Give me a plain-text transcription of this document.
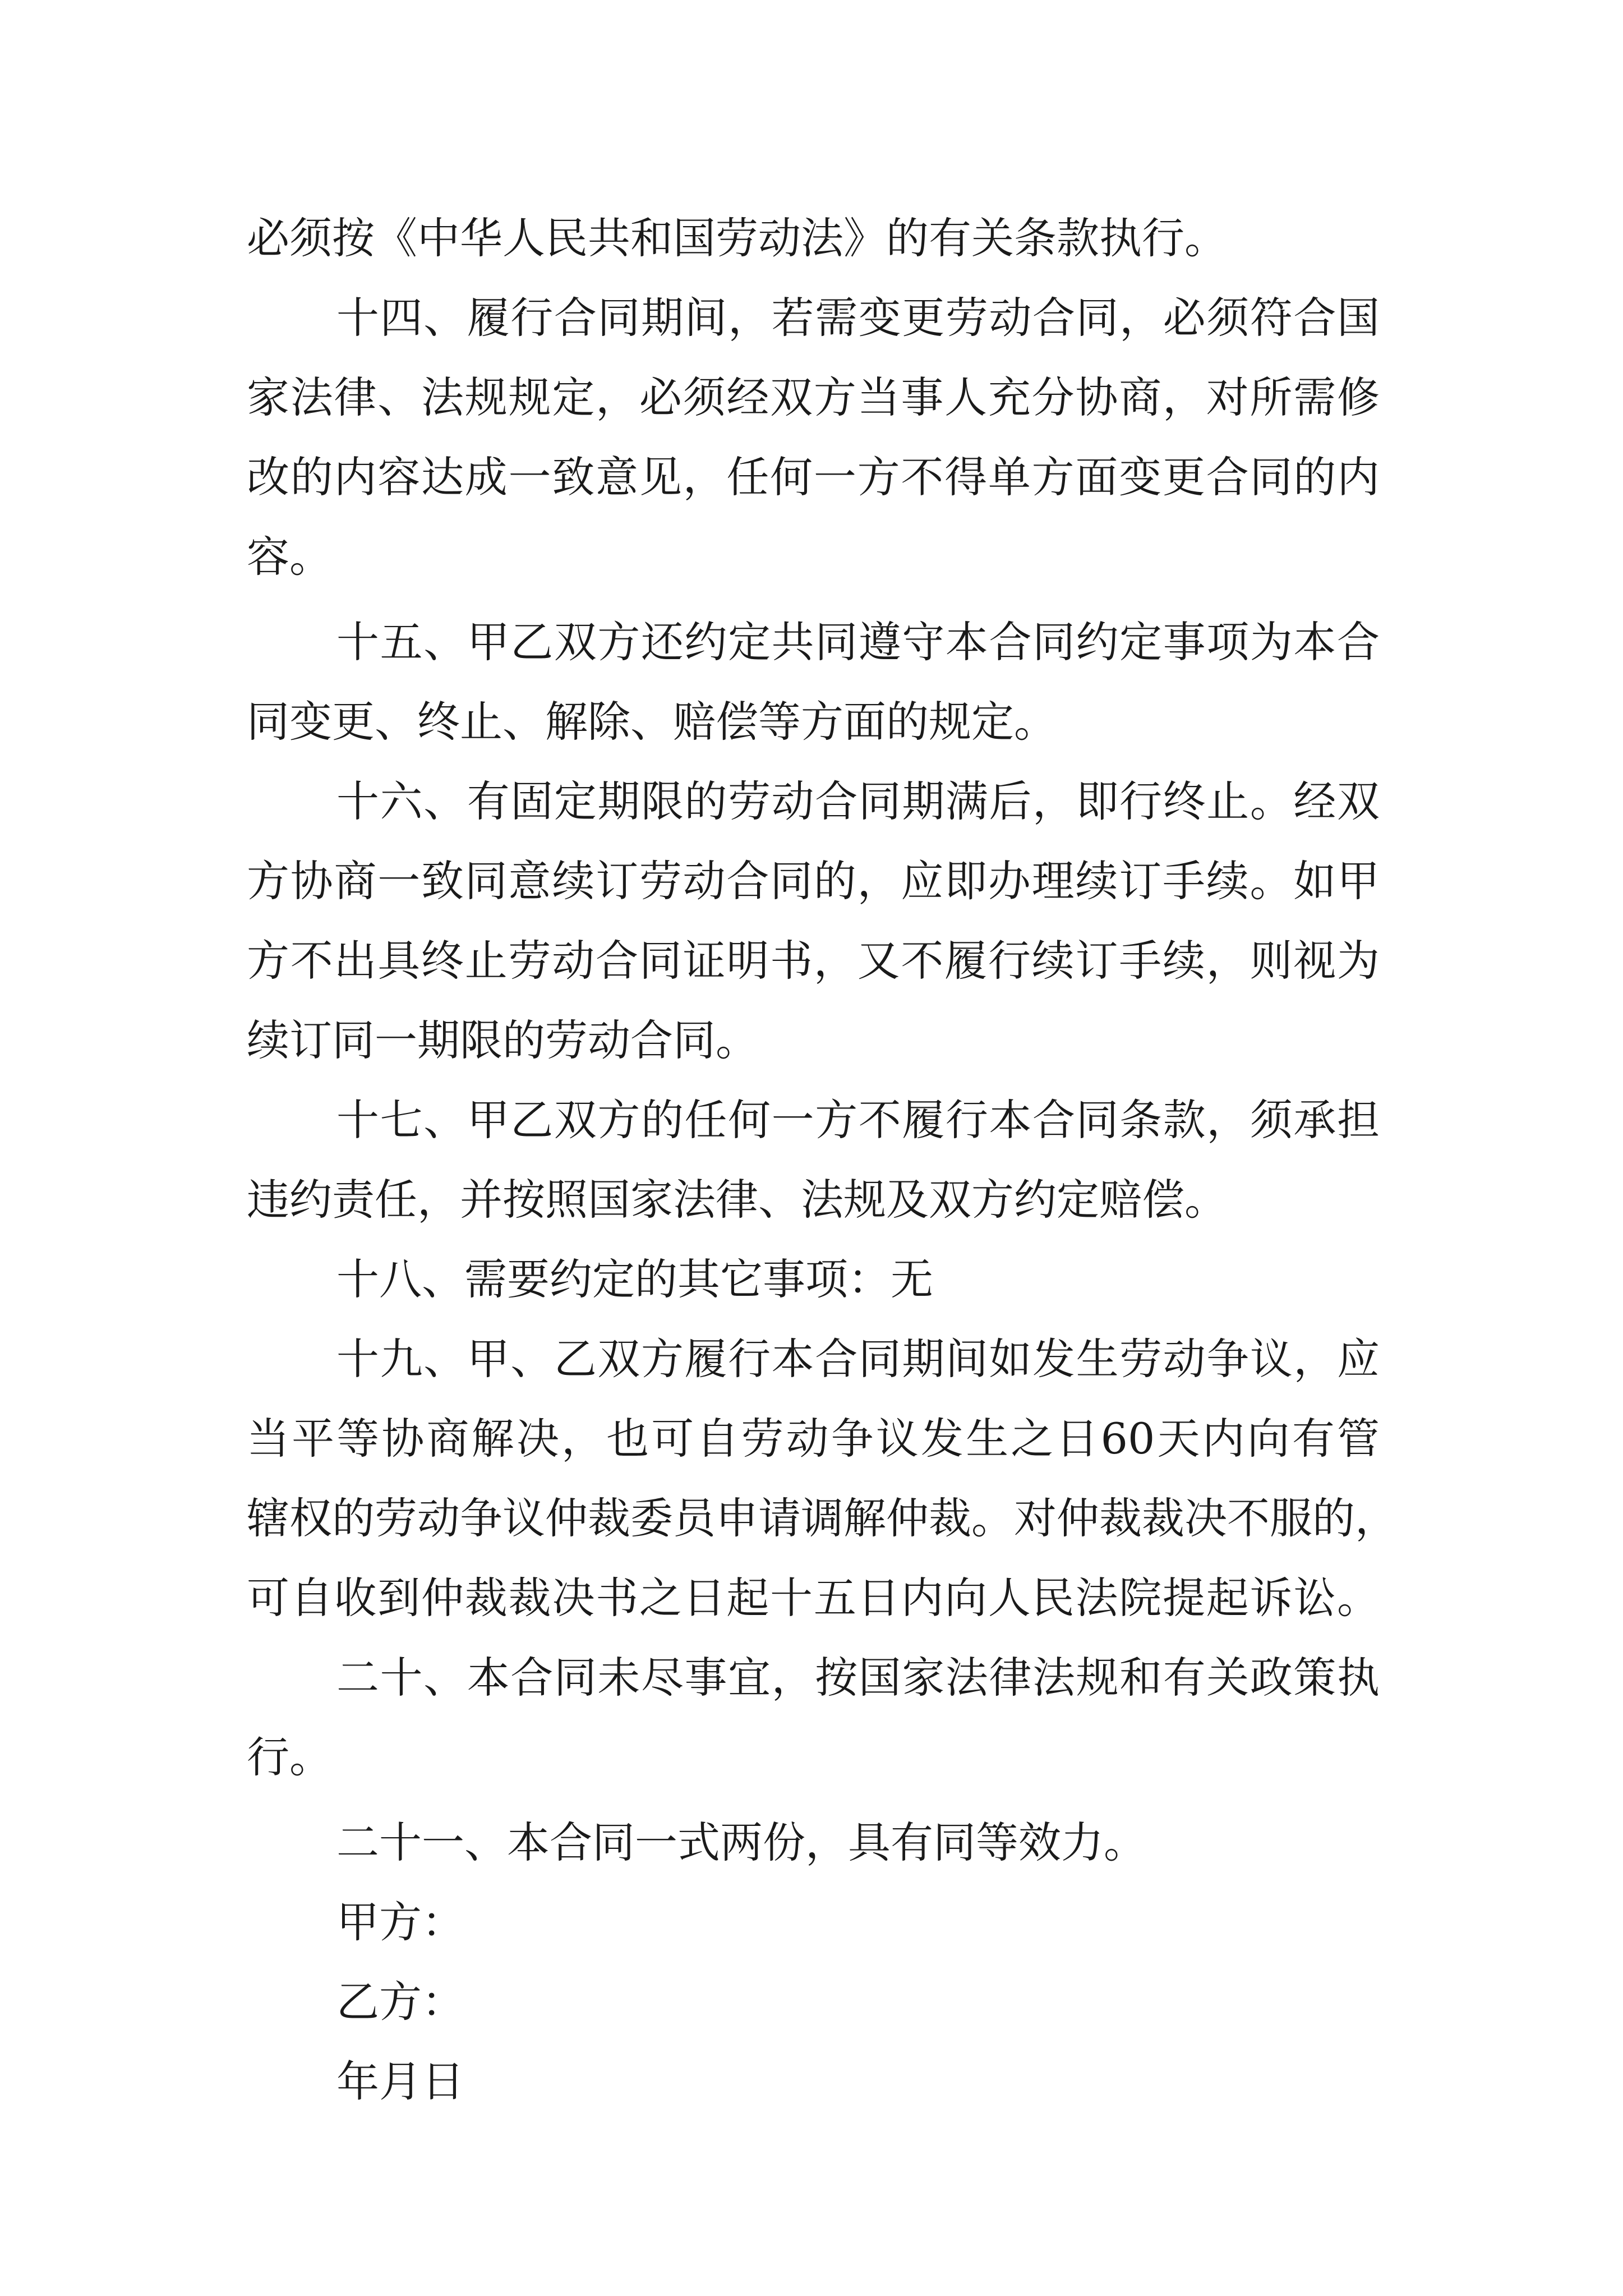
必须按《中华人民共和国劳动法》的有关条款执行。
十四、履行合同期间，若需变更劳动合同，必须符合国
家法律、法规规定，必须经双方当事人充分协商，对所需修
改的内容达成一致意见，任何一方不得单方面变更合同的内
容。
十五、甲乙双方还约定共同遵守本合同约定事项为本合
同变更、终止、解除、赔偿等方面的规定。
十六、有固定期限的劳动合同期满后，即行终止。经双
方协商一致同意续订劳动合同的，应即办理续订手续。如甲
方不出具终止劳动合同证明书，又不履行续订手续，则视为
续订同一期限的劳动合同。
十七、甲乙双方的任何一方不履行本合同条款，须承担
违约责任，并按照国家法律、法规及双方约定赔偿。
十八、需要约定的其它事项：无
十九、甲、乙双方履行本合同期间如发生劳动争议，应
当平等协商解决，也可自劳动争议发生之日60天内向有管
辖权的劳动争议仲裁委员申请调解仲裁。对仲裁裁决不服的，
可自收到仲裁裁决书之日起十五日内向人民法院提起诉讼。
二十、本合同未尽事宜，按国家法律法规和有关政策执
行。
二十一、本合同一式两份，具有同等效力。
甲方：
乙方：
年月日
